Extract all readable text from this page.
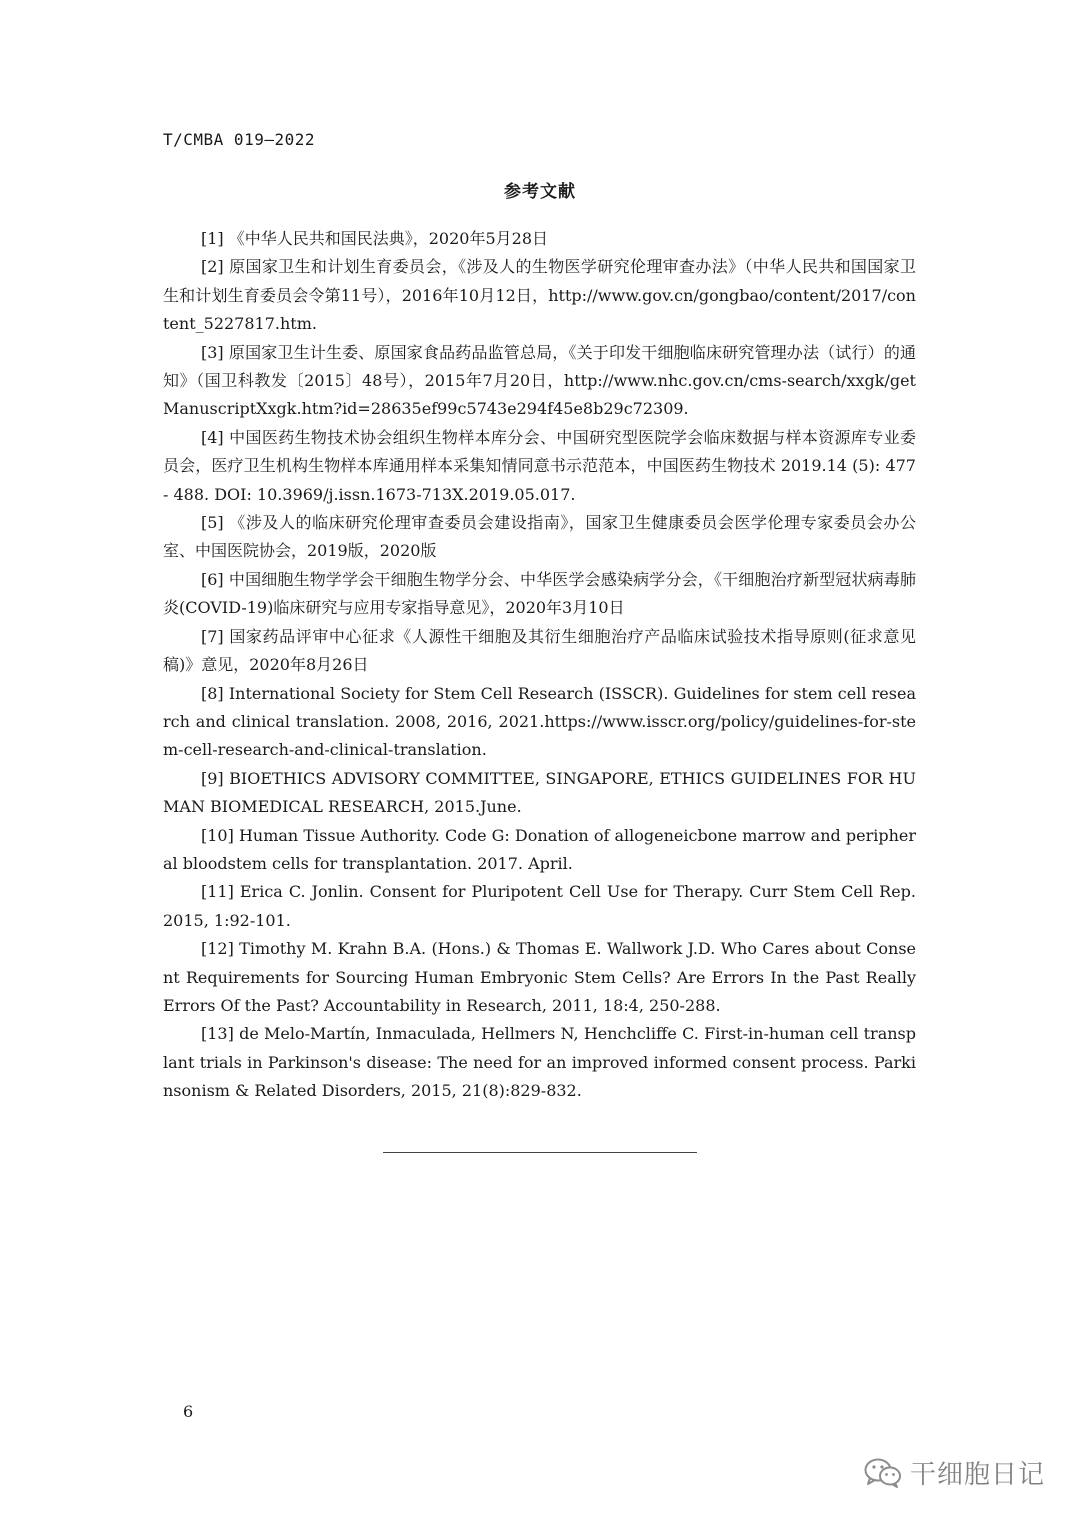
T/CMBA 019—2022
参考文献

[1] 《中华人民共和国民法典》，2020年5月28日

[2] 原国家卫生和计划生育委员会，《涉及人的生物医学研究伦理审查办法》（中华人民共和国国家卫生和计划生育委员会令第11号），2016年10月12日，http://www.gov.cn/gongbao/content/2017/content_5227817.htm.

[3] 原国家卫生计生委、原国家食品药品监管总局，《关于印发干细胞临床研究管理办法（试行）的通知》（国卫科教发〔2015〕48号），2015年7月20日，http://www.nhc.gov.cn/cms-search/xxgk/getManuscriptXxgk.htm?id=28635ef99c5743e294f45e8b29c72309.

[4] 中国医药生物技术协会组织生物样本库分会、中国研究型医院学会临床数据与样本资源库专业委员会，医疗卫生机构生物样本库通用样本采集知情同意书示范范本，中国医药生物技术 2019.14 (5): 477- 488. DOI: 10.3969/j.issn.1673-713X.2019.05.017.

[5] 《涉及人的临床研究伦理审查委员会建设指南》，国家卫生健康委员会医学伦理专家委员会办公室、中国医院协会，2019版，2020版

[6] 中国细胞生物学学会干细胞生物学分会、中华医学会感染病学分会，《干细胞治疗新型冠状病毒肺炎(COVID-19)临床研究与应用专家指导意见》，2020年3月10日

[7] 国家药品评审中心征求《人源性干细胞及其衍生细胞治疗产品临床试验技术指导原则(征求意见稿)》意见，2020年8月26日

[8] International Society for Stem Cell Research (ISSCR). Guidelines for stem cell research and clinical translation. 2008, 2016, 2021.https://www.isscr.org/policy/guidelines-for-stem-cell-research-and-clinical-translation.

[9] BIOETHICS ADVISORY COMMITTEE, SINGAPORE, ETHICS GUIDELINES FOR HUMAN BIOMEDICAL RESEARCH, 2015.June.

[10] Human Tissue Authority. Code G: Donation of allogeneicbone marrow and peripheral bloodstem cells for transplantation. 2017. April.

[11] Erica C. Jonlin. Consent for Pluripotent Cell Use for Therapy. Curr Stem Cell Rep. 2015, 1:92-101.

[12] Timothy M. Krahn B.A. (Hons.) & Thomas E. Wallwork J.D. Who Cares about Consent Requirements for Sourcing Human Embryonic Stem Cells? Are Errors In the Past Really Errors Of the Past? Accountability in Research, 2011, 18:4, 250-288.

[13] de Melo-Martín, Inmaculada, Hellmers N, Henchcliffe C. First-in-human cell transplant trials in Parkinson's disease: The need for an improved informed consent process. Parkinsonism & Related Disorders, 2015, 21(8):829-832.

6
干细胞日记
